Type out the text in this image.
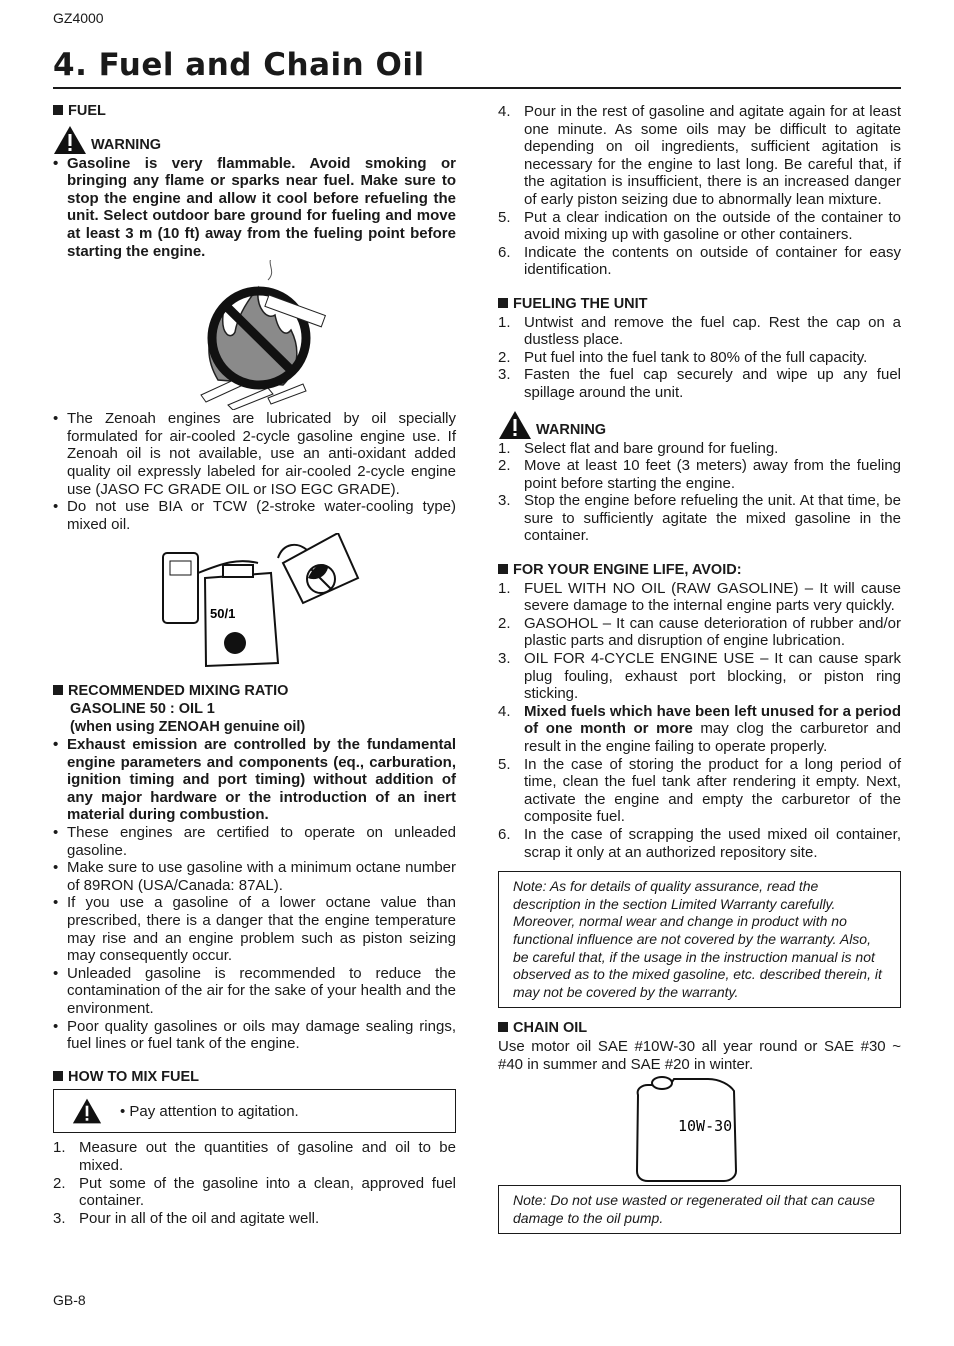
GZ4000
4. Fuel and Chain Oil
FUEL
WARNING
• Gasoline is very flammable. Avoid smoking or bringing any flame or sparks near fuel. Make sure to stop the engine and allow it cool before refueling the unit. Select outdoor bare ground for fueling and move at least 3 m (10 ft) away from the fueling point before starting the engine.
• The Zenoah engines are lubricated by oil specially formulated for air-cooled 2-cycle gasoline engine use. If Zenoah oil is not available, use an anti-oxidant added quality oil expressly labeled for air-cooled 2-cycle engine use (JASO FC GRADE OIL or ISO EGC GRADE).
• Do not use BIA or TCW (2-stroke water-cooling type) mixed oil.
50/1
RECOMMENDED MIXING RATIO
GASOLINE 50 : OIL 1
(when using ZENOAH genuine oil)
• Exhaust emission are controlled by the fundamental engine parameters and components (eq., carburation, ignition timing and port timing) without addition of any major hardware or the introduction of an inert material during combustion.
• These engines are certified to operate on unleaded gasoline.
• Make sure to use gasoline with a minimum octane number of 89RON (USA/Canada: 87AL).
• If you use a gasoline of a lower octane value than prescribed, there is a danger that the engine temperature may rise and an engine problem such as piston seizing may consequently occur.
• Unleaded gasoline is recommended to reduce the contamination of the air for the sake of your health and the environment.
• Poor quality gasolines or oils may damage sealing rings, fuel lines or fuel tank of the engine.
HOW TO MIX FUEL
• Pay attention to agitation.
1. Measure out the quantities of gasoline and oil to be mixed.
2. Put some of the gasoline into a clean, approved fuel container.
3. Pour in all of the oil and agitate well.
4. Pour in the rest of gasoline and agitate again for at least one minute. As some oils may be difficult to agitate depending on oil ingredients, sufficient agitation is necessary for the engine to last long. Be careful that, if the agitation is insufficient, there is an increased danger of early piston seizing due to abnormally lean mixture.
5. Put a clear indication on the outside of the container to avoid mixing up with gasoline or other containers.
6. Indicate the contents on outside of container for easy identification.
FUELING THE UNIT
1. Untwist and remove the fuel cap. Rest the cap on a dustless place.
2. Put fuel into the fuel tank to 80% of the full capacity.
3. Fasten the fuel cap securely and wipe up any fuel spillage around the unit.
WARNING
1. Select flat and bare ground for fueling.
2. Move at least 10 feet (3 meters) away from the fueling point before starting the engine.
3. Stop the engine before refueling the unit. At that time, be sure to sufficiently agitate the mixed gasoline in the container.
FOR YOUR ENGINE LIFE, AVOID:
1. FUEL WITH NO OIL (RAW GASOLINE) – It will cause severe damage to the internal engine parts very quickly.
2. GASOHOL – It can cause deterioration of rubber and/or plastic parts and disruption of engine lubrication.
3. OIL FOR 4-CYCLE ENGINE USE – It can cause spark plug fouling, exhaust port blocking, or piston ring sticking.
4. Mixed fuels which have been left unused for a period of one month or more may clog the carburetor and result in the engine failing to operate properly.
5. In the case of storing the product for a long period of time, clean the fuel tank after rendering it empty. Next, activate the engine and empty the carburetor of the composite fuel.
6. In the case of scrapping the used mixed oil container, scrap it only at an authorized repository site.
Note: As for details of quality assurance, read the description in the section Limited Warranty carefully. Moreover, normal wear and change in product with no functional influence are not covered by the warranty. Also, be careful that, if the usage in the instruction manual is not observed as to the mixed gasoline, etc. described therein, it may not be covered by the warranty.
CHAIN OIL
Use motor oil SAE #10W-30 all year round or SAE #30 ~ #40 in summer and SAE #20 in winter.
10W-30
Note: Do not use wasted or regenerated oil that can cause damage to the oil pump.
GB-8
